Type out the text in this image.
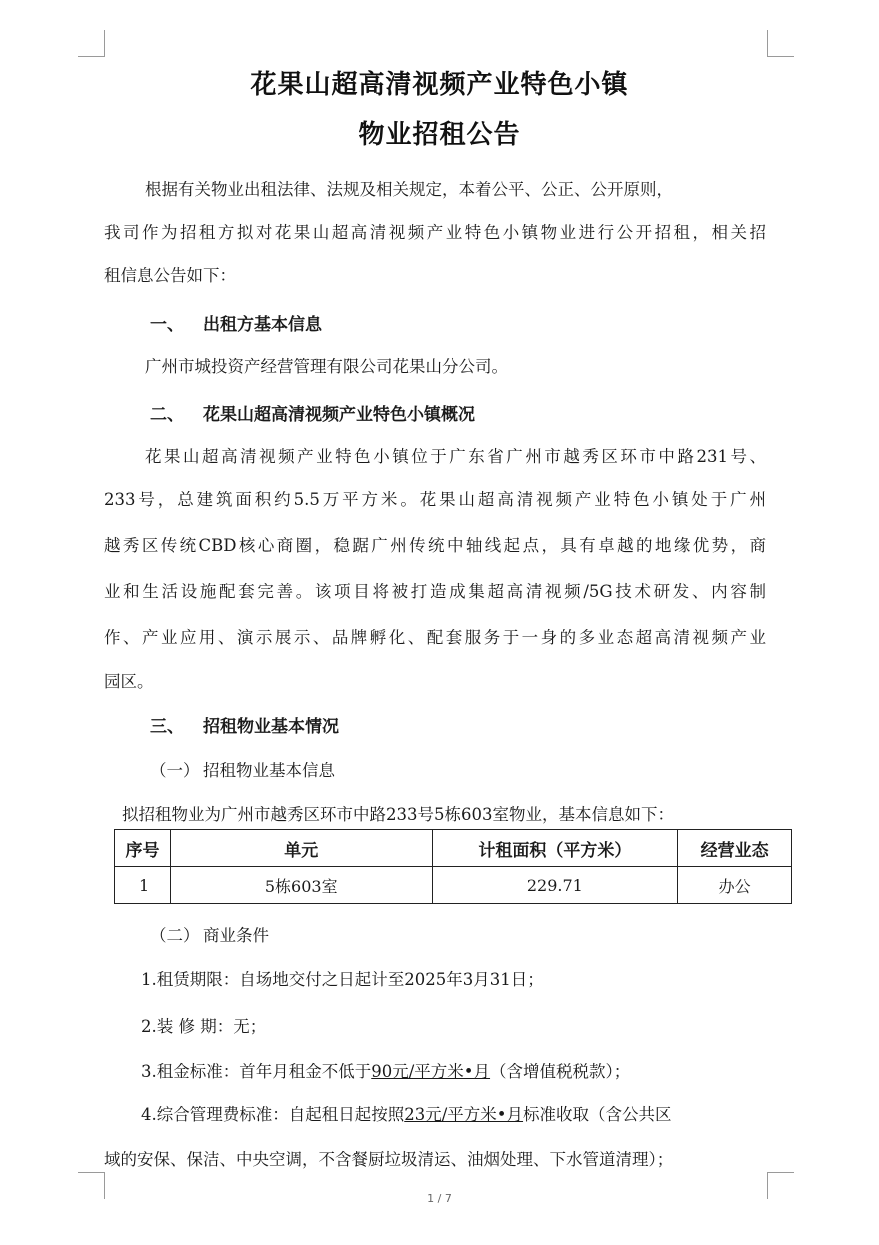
花果山超高清视频产业特色小镇
物业招租公告
根据有关物业出租法律、法规及相关规定，本着公平、公正、公开原则，
我司作为招租方拟对花果山超高清视频产业特色小镇物业进行公开招租，相关招
租信息公告如下：
一、 出租方基本信息
广州市城投资产经营管理有限公司花果山分公司。
二、 花果山超高清视频产业特色小镇概况
花果山超高清视频产业特色小镇位于广东省广州市越秀区环市中路231号、
233号，总建筑面积约5.5万平方米。花果山超高清视频产业特色小镇处于广州
越秀区传统CBD核心商圈，稳踞广州传统中轴线起点，具有卓越的地缘优势，商
业和生活设施配套完善。该项目将被打造成集超高清视频/5G技术研发、内容制
作、产业应用、演示展示、品牌孵化、配套服务于一身的多业态超高清视频产业
园区。
三、 招租物业基本情况
（一） 招租物业基本信息
拟招租物业为广州市越秀区环市中路233号5栋603室物业，基本信息如下：
序号	单元	计租面积（平方米）	经营业态
1	5栋603室	229.71	办公
（二） 商业条件
1.租赁期限：自场地交付之日起计至2025年3月31日；
2.装 修 期：无；
3.租金标准：首年月租金不低于90元/平方米•月（含增值税税款）；
4.综合管理费标准：自起租日起按照23元/平方米•月标准收取（含公共区
域的安保、保洁、中央空调，不含餐厨垃圾清运、油烟处理、下水管道清理）；
1 / 7
